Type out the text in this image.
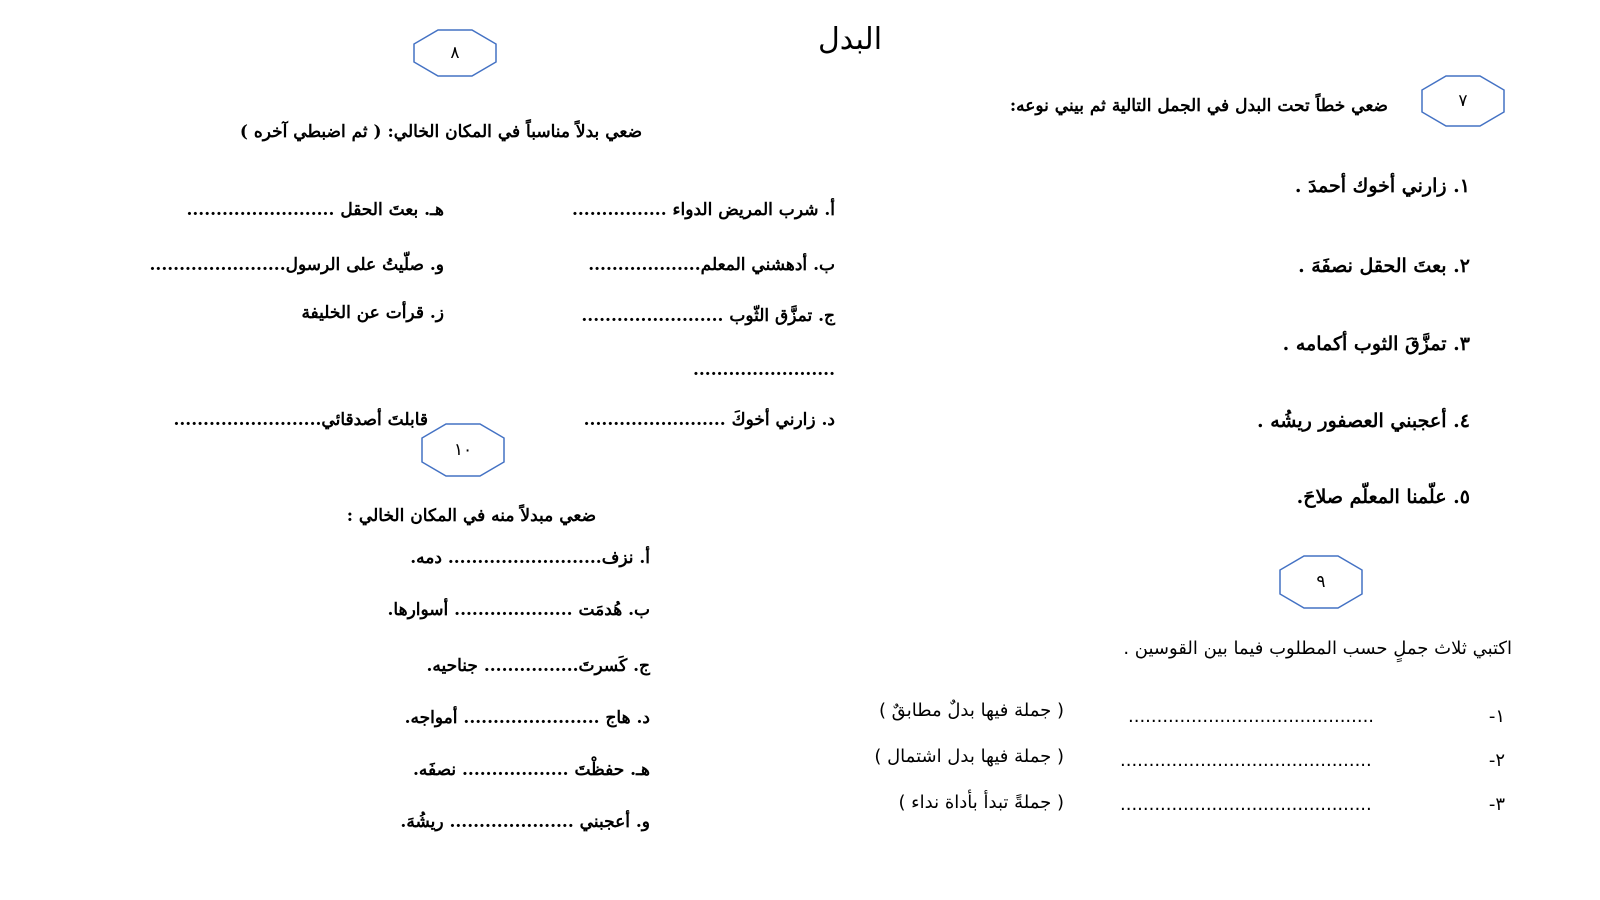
البدل
٨
٧
١٠
٩
ضعي خطاً تحت البدل في الجمل التالية ثم بيني نوعه:
١. زارني أخوك أحمدَ .
٢. بعتَ الحقل نصفَهَ .
٣. تمزَّقَ الثوب أكمامه .
٤. أعجبني العصفور ريشُه .
٥. علّمنا المعلّم صلاحَ.
ضعي بدلاً مناسباً في المكان الخالي: ( ثم اضبطي آخره )
أ. شرب المريض الدواء ................
ب. أدهشني المعلم...................
ج. تمزَّق الثّوب ........................
........................
د. زارني أخوكَ ........................
هـ. بعتَ الحقل .........................
و. صلّيتُ على الرسول.......................
ز. قرأت عن الخليفة
قابلتَ أصدقائي.........................
ضعي مبدلاً منه في المكان الخالي :
أ. نزف.......................... دمه.
ب. هُدمَت .................... أسوارها.
ج. كَسرتَ................ جناحيه.
د. هاج ....................... أمواجه.
هـ. حفظْتَ .................. نصفَه.
و. أعجبني ..................... ريشُهَ.
اكتبي ثلاث جملٍ حسب المطلوب فيما بين القوسين .
١-
...........................................
( جملة فيها بدلٌ مطابقٌ )
٢-
............................................
( جملة فيها بدل اشتمال )
٣-
............................................
( جملةً تبدأ بأداة نداء )
